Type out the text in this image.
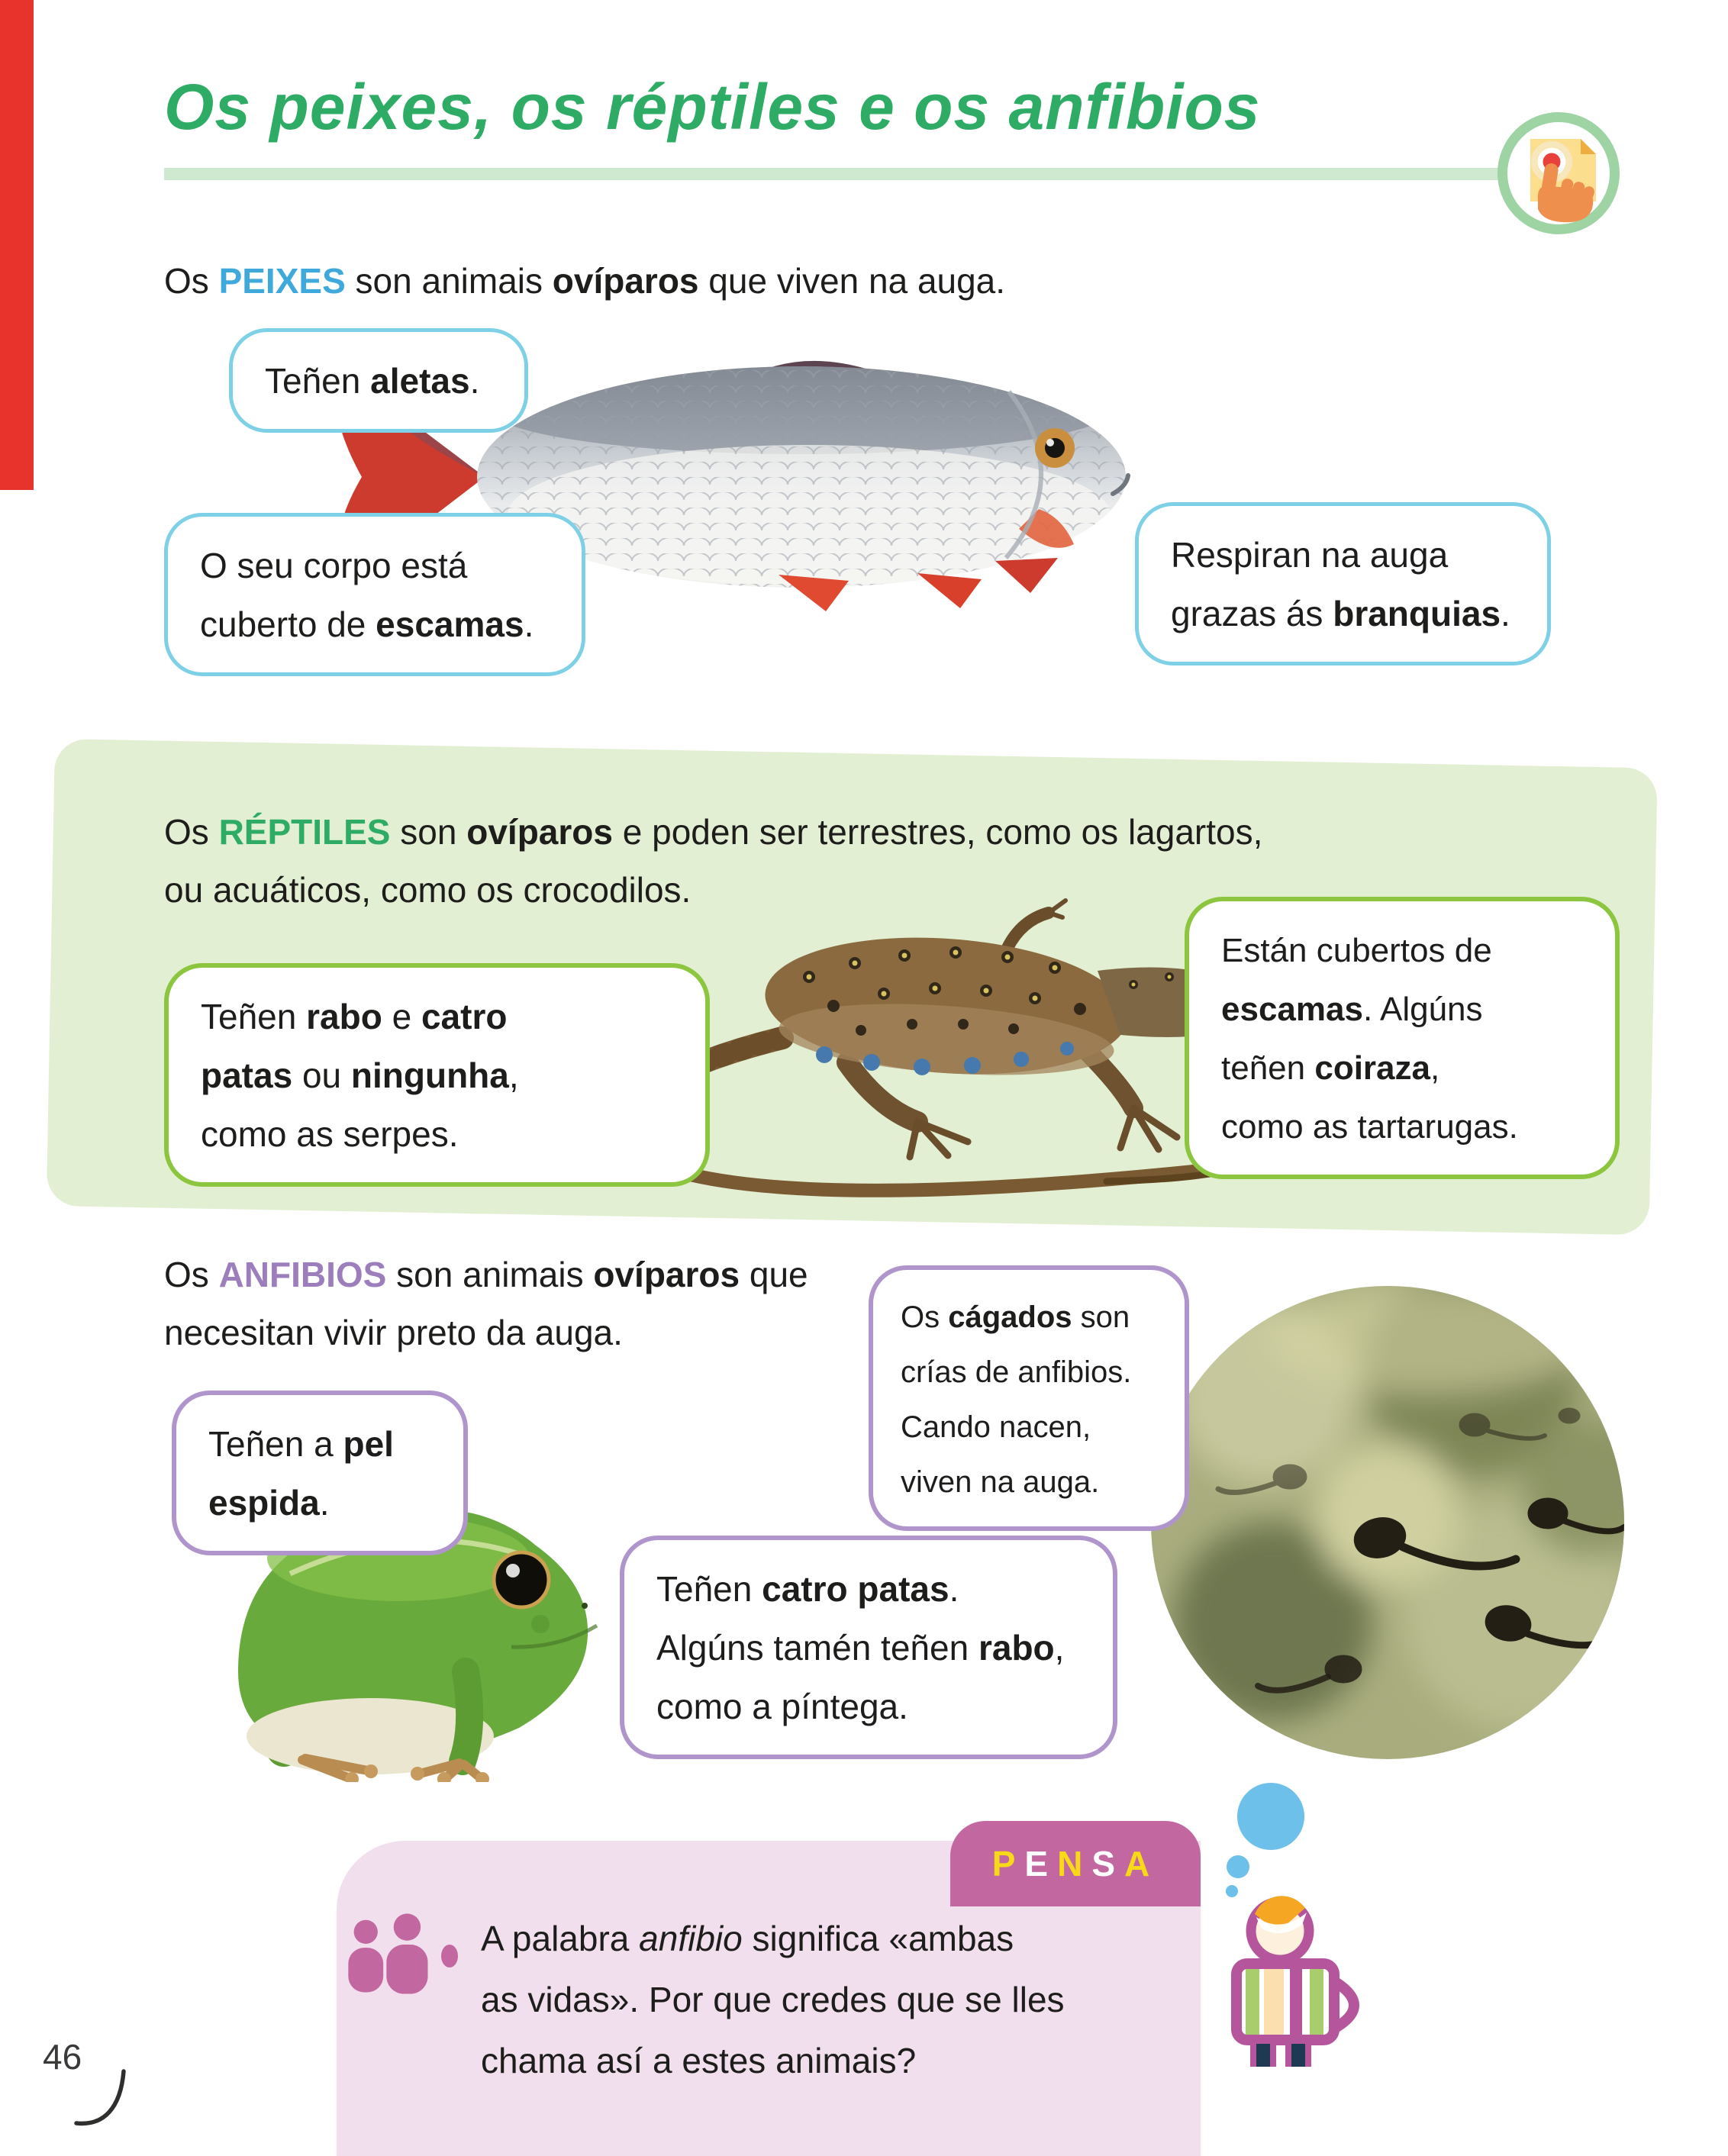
Os peixes, os réptiles e os anfibios
Os PEIXES son animais ovíparos que viven na auga.
Teñen aletas.
O seu corpo está
cuberto de escamas.
Respiran na auga
grazas ás branquias.
Os RÉPTILES son ovíparos e poden ser terrestres, como os lagartos,
ou acuáticos, como os crocodilos.
Teñen rabo e catro
patas ou ningunha,
como as serpes.
Están cubertos de
escamas. Algúns
teñen coiraza,
como as tartarugas.
Os ANFIBIOS son animais ovíparos que
necesitan vivir preto da auga.
Teñen a pel
espida.
Os cágados son
crías de anfibios.
Cando nacen,
viven na auga.
Teñen catro patas.
Algúns tamén teñen rabo,
como a píntega.
PENSA
A palabra anfibio significa «ambas
as vidas». Por que credes que se lles
chama así a estes animais?
46
